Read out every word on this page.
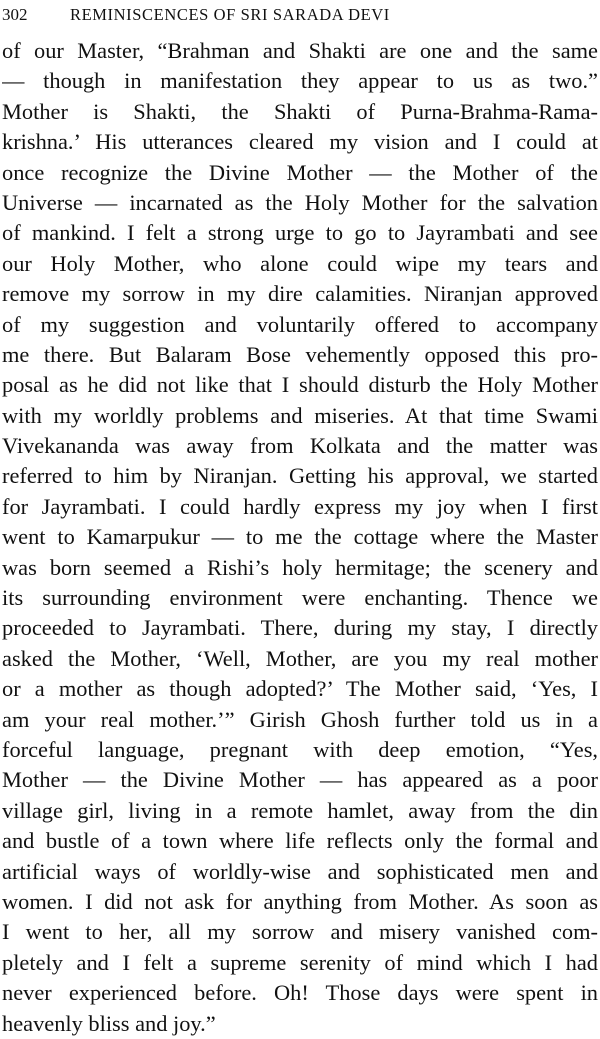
302	REMINISCENCES OF SRI SARADA DEVI
of our Master, “Brahman and Shakti are one and the same
— though in manifestation they appear to us as two.”
Mother is Shakti, the Shakti of Purna-Brahma-Rama-
krishna.’ His utterances cleared my vision and I could at
once recognize the Divine Mother — the Mother of the
Universe — incarnated as the Holy Mother for the salvation
of mankind. I felt a strong urge to go to Jayrambati and see
our Holy Mother, who alone could wipe my tears and
remove my sorrow in my dire calamities. Niranjan approved
of my suggestion and voluntarily offered to accompany
me there. But Balaram Bose vehemently opposed this pro-
posal as he did not like that I should disturb the Holy Mother
with my worldly problems and miseries. At that time Swami
Vivekananda was away from Kolkata and the matter was
referred to him by Niranjan. Getting his approval, we started
for Jayrambati. I could hardly express my joy when I first
went to Kamarpukur — to me the cottage where the Master
was born seemed a Rishi’s holy hermitage; the scenery and
its surrounding environment were enchanting. Thence we
proceeded to Jayrambati. There, during my stay, I directly
asked the Mother, ‘Well, Mother, are you my real mother
or a mother as though adopted?’ The Mother said, ‘Yes, I
am your real mother.’” Girish Ghosh further told us in a
forceful language, pregnant with deep emotion, “Yes,
Mother — the Divine Mother — has appeared as a poor
village girl, living in a remote hamlet, away from the din
and bustle of a town where life reflects only the formal and
artificial ways of worldly-wise and sophisticated men and
women. I did not ask for anything from Mother. As soon as
I went to her, all my sorrow and misery vanished com-
pletely and I felt a supreme serenity of mind which I had
never experienced before. Oh! Those days were spent in
heavenly bliss and joy.”
